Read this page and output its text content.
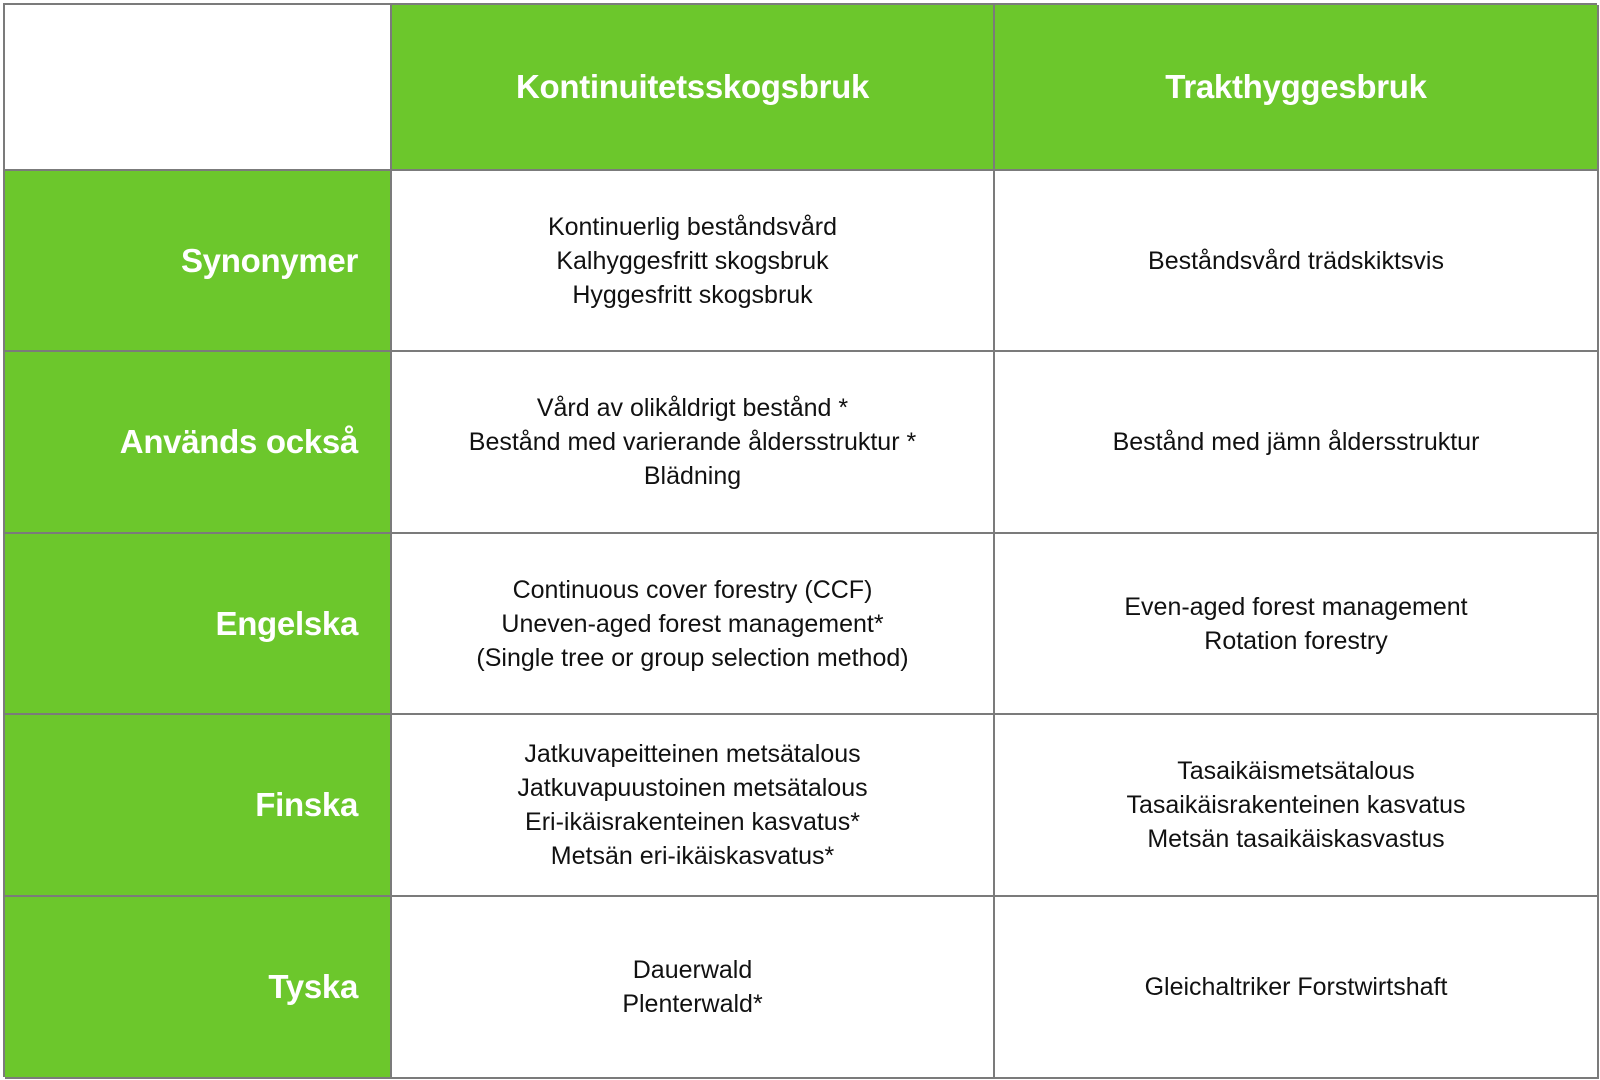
Kontinuitetsskogsbruk	Trakthyggesbruk
Synonymer
Kontinuerlig beståndsvård
Kalhyggesfritt skogsbruk
Hyggesfritt skogsbruk
Beståndsvård trädskiktsvis
Används också
Vård av olikåldrigt bestånd *
Bestånd med varierande åldersstruktur *
Blädning
Bestånd med jämn åldersstruktur
Engelska
Continuous cover forestry (CCF)
Uneven-aged forest management*
(Single tree or group selection method)
Even-aged forest management
Rotation forestry
Finska
Jatkuvapeitteinen metsätalous
Jatkuvapuustoinen metsätalous
Eri-ikäisrakenteinen kasvatus*
Metsän eri-ikäiskasvatus*
Tasaikäismetsätalous
Tasaikäisrakenteinen kasvatus
Metsän tasaikäiskasvastus
Tyska	Dauerwald
Plenterwald*
Gleichaltriker Forstwirtshaft
